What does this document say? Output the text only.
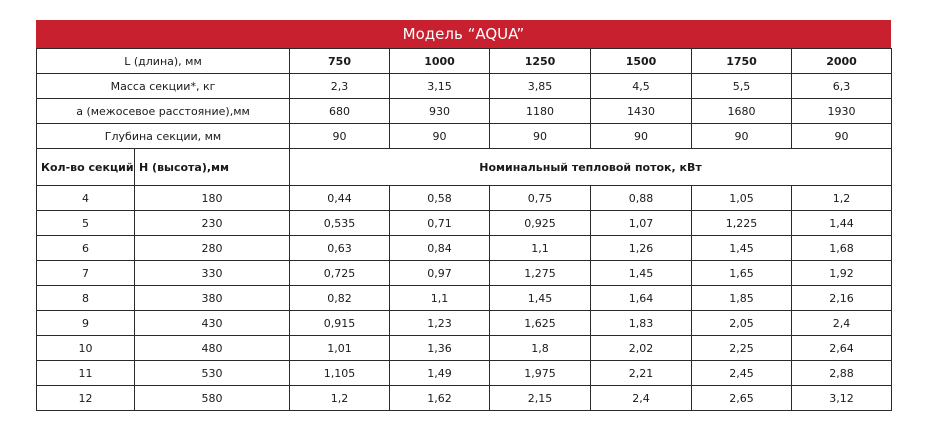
Модель “AQUA”
L (длина), мм		750	1000	1250	1500	1750	2000
Масса секции*, кг		2,3	3,15	3,85	4,5	5,5	6,3
a (межосевое расстояние),мм		680	930	1180	1430	1680	1930
Глубина секции, мм		90	90	90	90	90	90
Кол-во секций	H (высота),мм	Номинальный тепловой поток, кВт					
4	180	0,44	0,58	0,75	0,88	1,05	1,2
5	230	0,535	0,71	0,925	1,07	1,225	1,44
6	280	0,63	0,84	1,1	1,26	1,45	1,68
7	330	0,725	0,97	1,275	1,45	1,65	1,92
8	380	0,82	1,1	1,45	1,64	1,85	2,16
9	430	0,915	1,23	1,625	1,83	2,05	2,4
10	480	1,01	1,36	1,8	2,02	2,25	2,64
11	530	1,105	1,49	1,975	2,21	2,45	2,88
12	580	1,2	1,62	2,15	2,4	2,65	3,12
